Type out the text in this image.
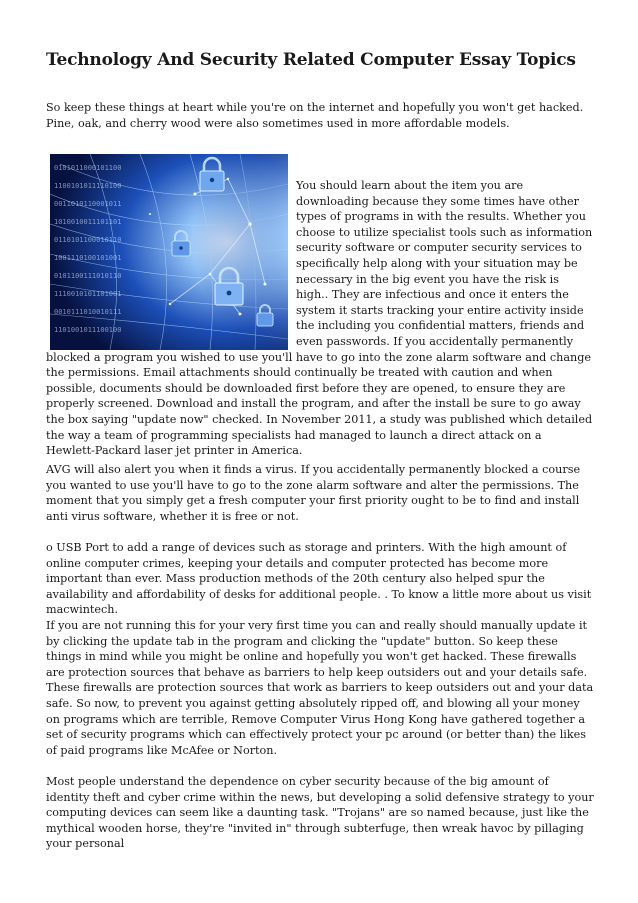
Technology And Security Related Computer Essay Topics

So keep these things at heart while you're on the internet and hopefully you won't get hacked. Pine, oak, and cherry wood were also sometimes used in more affordable models.

0101011000101100
1100101011110100
0011010110001011
1010010011101101
0110101100010110
1001110100101001
0101100111010110
1110010101101001
0010111010010111
1101001011100100

You should learn about the item you are downloading because they some times have other types of programs in with the results. Whether you choose to utilize specialist tools such as information security software or computer security services to specifically help along with your situation may be necessary in the big event you have the risk is high.. They are infectious and once it enters the system it starts tracking your entire activity inside the including you confidential matters, friends and even passwords. If you accidentally permanently blocked a program you wished to use you'll have to go into the zone alarm software and change the permissions. Email attachments should continually be treated with caution and when possible, documents should be downloaded first before they are opened, to ensure they are properly screened. Download and install the program, and after the install be sure to go away the box saying "update now" checked. In November 2011, a study was published which detailed the way a team of programming specialists had managed to launch a direct attack on a Hewlett-Packard laser jet printer in America.

AVG will also alert you when it finds a virus. If you accidentally permanently blocked a course you wanted to use you'll have to go to the zone alarm software and alter the permissions. The moment that you simply get a fresh computer your first priority ought to be to find and install anti virus software, whether it is free or not.

o USB Port to add a range of devices such as storage and printers. With the high amount of online computer crimes, keeping your details and computer protected has become more important than ever. Mass production methods of the 20th century also helped spur the availability and affordability of desks for additional people. . To know a little more about us visit macwintech.

If you are not running this for your very first time you can and really should manually update it by clicking the update tab in the program and clicking the "update" button. So keep these things in mind while you might be online and hopefully you won't get hacked. These firewalls are protection sources that behave as barriers to help keep outsiders out and your details safe. These firewalls are protection sources that work as barriers to keep outsiders out and your data safe. So now, to prevent you against getting absolutely ripped off, and blowing all your money on programs which are terrible, Remove Computer Virus Hong Kong have gathered together a set of security programs which can effectively protect your pc around (or better than) the likes of paid programs like McAfee or Norton.

Most people understand the dependence on cyber security because of the big amount of identity theft and cyber crime within the news, but developing a solid defensive strategy to your computing devices can seem like a daunting task. "Trojans" are so named because, just like the mythical wooden horse, they're "invited in" through subterfuge, then wreak havoc by pillaging your personal
